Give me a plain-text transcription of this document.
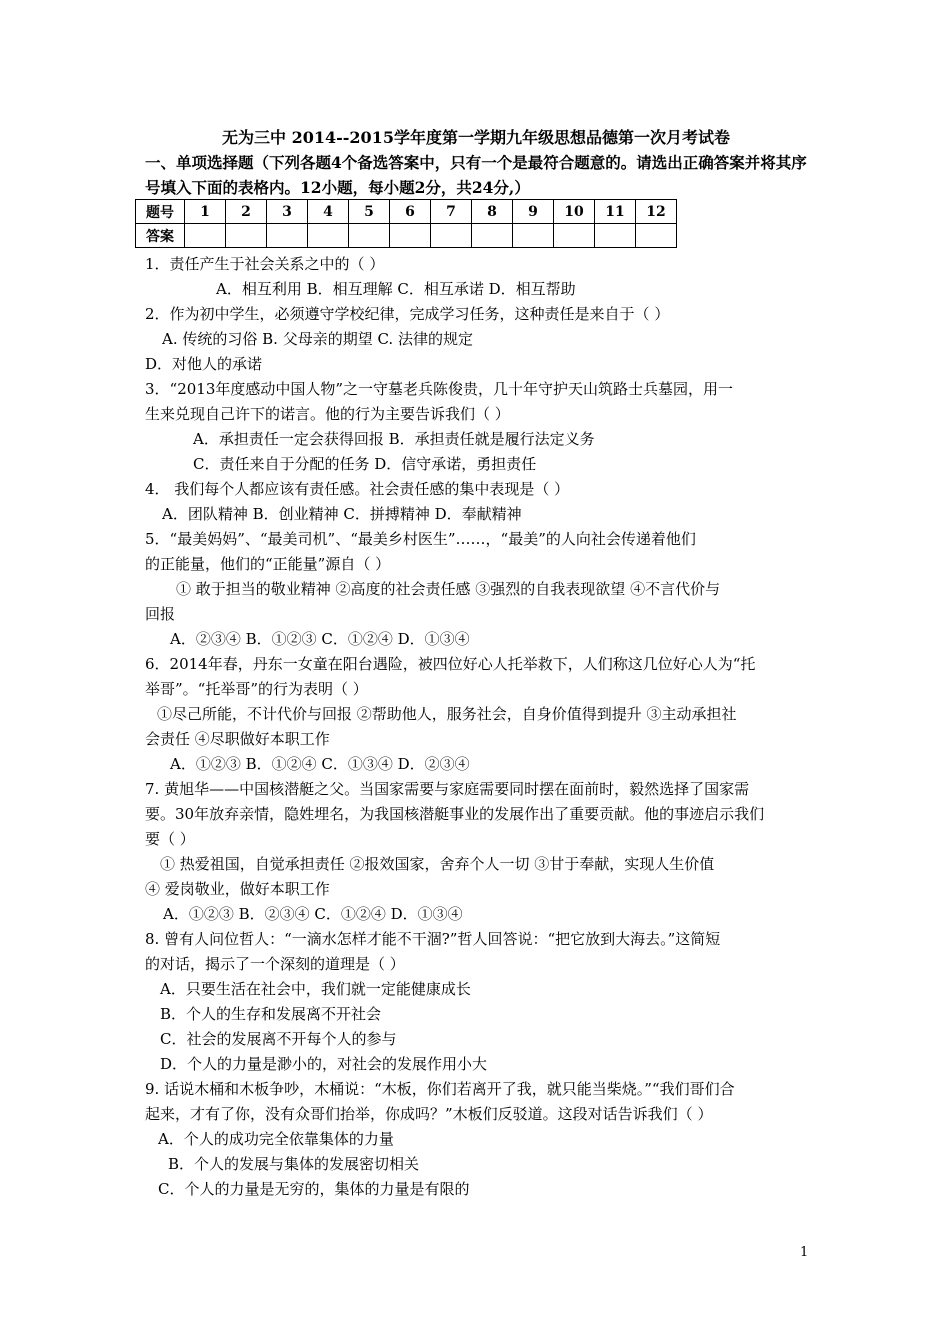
无为三中 2014--2015学年度第一学期九年级思想品德第一次月考试卷
一、单项选择题（下列各题4个备选答案中，只有一个是最符合题意的。请选出正确答案并将其序号填入下面的表格内。12小题，每小题2分，共24分,）
题号	1	2	3	4	5	6	7	8	9	10	11	12
答案												
1．责任产生于社会关系之中的（ ）
A．相互利用 B．相互理解 C．相互承诺 D．相互帮助
2．作为初中学生，必须遵守学校纪律，完成学习任务，这种责任是来自于（ ）
A. 传统的习俗 B. 父母亲的期望 C. 法律的规定
D．对他人的承诺
3．“2013年度感动中国人物”之一守墓老兵陈俊贵，几十年守护天山筑路士兵墓园，用一
生来兑现自己许下的诺言。他的行为主要告诉我们（ ）
A．承担责任一定会获得回报 B．承担责任就是履行法定义务
C．责任来自于分配的任务 D．信守承诺，勇担责任
4． 我们每个人都应该有责任感。社会责任感的集中表现是（ ）
A．团队精神 B．创业精神 C．拼搏精神 D．奉献精神
5．“最美妈妈”、“最美司机”、“最美乡村医生”……，“最美”的人向社会传递着他们
的正能量，他们的“正能量”源自（ ）
① 敢于担当的敬业精神 ②高度的社会责任感 ③强烈的自我表现欲望 ④不言代价与
回报
A．②③④ B．①②③ C．①②④ D．①③④
6．2014年春，丹东一女童在阳台遇险，被四位好心人托举救下，人们称这几位好心人为“托
举哥”。“托举哥”的行为表明（ ）
①尽己所能，不计代价与回报 ②帮助他人，服务社会，自身价值得到提升 ③主动承担社
会责任 ④尽职做好本职工作
A．①②③ B．①②④ C．①③④ D．②③④
7. 黄旭华——中国核潜艇之父。当国家需要与家庭需要同时摆在面前时，毅然选择了国家需
要。30年放弃亲情，隐姓埋名，为我国核潜艇事业的发展作出了重要贡献。他的事迹启示我们
要（ ）
① 热爱祖国，自觉承担责任 ②报效国家，舍弃个人一切 ③甘于奉献，实现人生价值
④ 爱岗敬业，做好本职工作
A．①②③ B．②③④ C．①②④ D．①③④
8. 曾有人问位哲人：“一滴水怎样才能不干涸?”哲人回答说：“把它放到大海去。”这简短
的对话，揭示了一个深刻的道理是（ ）
A．只要生活在社会中，我们就一定能健康成长
B．个人的生存和发展离不开社会
C．社会的发展离不开每个人的参与
D．个人的力量是渺小的，对社会的发展作用小大
9. 话说木桶和木板争吵，木桶说：“木板，你们若离开了我，就只能当柴烧。”“我们哥们合
起来，才有了你，没有众哥们抬举，你成吗？”木板们反驳道。这段对话告诉我们（ ）
A．个人的成功完全依靠集体的力量
B．个人的发展与集体的发展密切相关
C．个人的力量是无穷的，集体的力量是有限的
1
